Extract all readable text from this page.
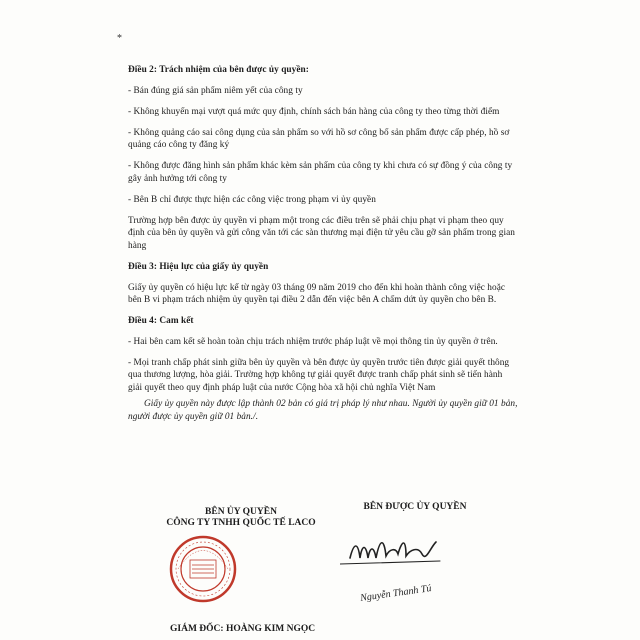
*

Điều 2: Trách nhiệm của bên được ủy quyền:

- Bán đúng giá sản phẩm niêm yết của công ty

- Không khuyến mại vượt quá mức quy định, chính sách bán hàng của công ty theo từng thời điểm

- Không quảng cáo sai công dụng của sản phẩm so với hồ sơ công bố sản phẩm được cấp phép, hồ sơ quảng cáo công ty đăng ký

- Không được đăng hình sản phẩm khác kèm sản phẩm của công ty khi chưa có sự đồng ý của công ty gây ảnh hưởng tới công ty

- Bên B chỉ được thực hiện các công việc trong phạm vi ủy quyền

Trường hợp bên được ủy quyền vi phạm một trong các điều trên sẽ phải chịu phạt vi phạm theo quy định của bên ủy quyền và gửi công văn tới các sàn thương mại điện tử yêu cầu gỡ sản phẩm trong gian hàng

Điều 3: Hiệu lực của giấy ủy quyền

Giấy ủy quyền có hiệu lực kể từ ngày 03 tháng 09 năm 2019 cho đến khi hoàn thành công việc hoặc bên B vi phạm trách nhiệm ủy quyền tại điều 2 dẫn đến việc bên A chấm dứt ủy quyền cho bên B.

Điều 4: Cam kết

- Hai bên cam kết sẽ hoàn toàn chịu trách nhiệm trước pháp luật về mọi thông tin ủy quyền ở trên.

- Mọi tranh chấp phát sinh giữa bên ủy quyền và bên được ủy quyền trước tiên được giải quyết thông qua thương lượng, hòa giải. Trường hợp không tự giải quyết được tranh chấp phát sinh sẽ tiến hành giải quyết theo quy định pháp luật của nước Cộng hòa xã hội chủ nghĩa Việt Nam

Giấy ủy quyền này được lập thành 02 bản có giá trị pháp lý như nhau. Người ủy quyền giữ 01 bản, người được ủy quyền giữ 01 bản./.

BÊN ỦY QUYỀN
CÔNG TY TNHH QUỐC TẾ LACO
BÊN ĐƯỢC ỦY QUYỀN
Nguyễn Thanh Tú
GIÁM ĐỐC: HOÀNG KIM NGỌC
